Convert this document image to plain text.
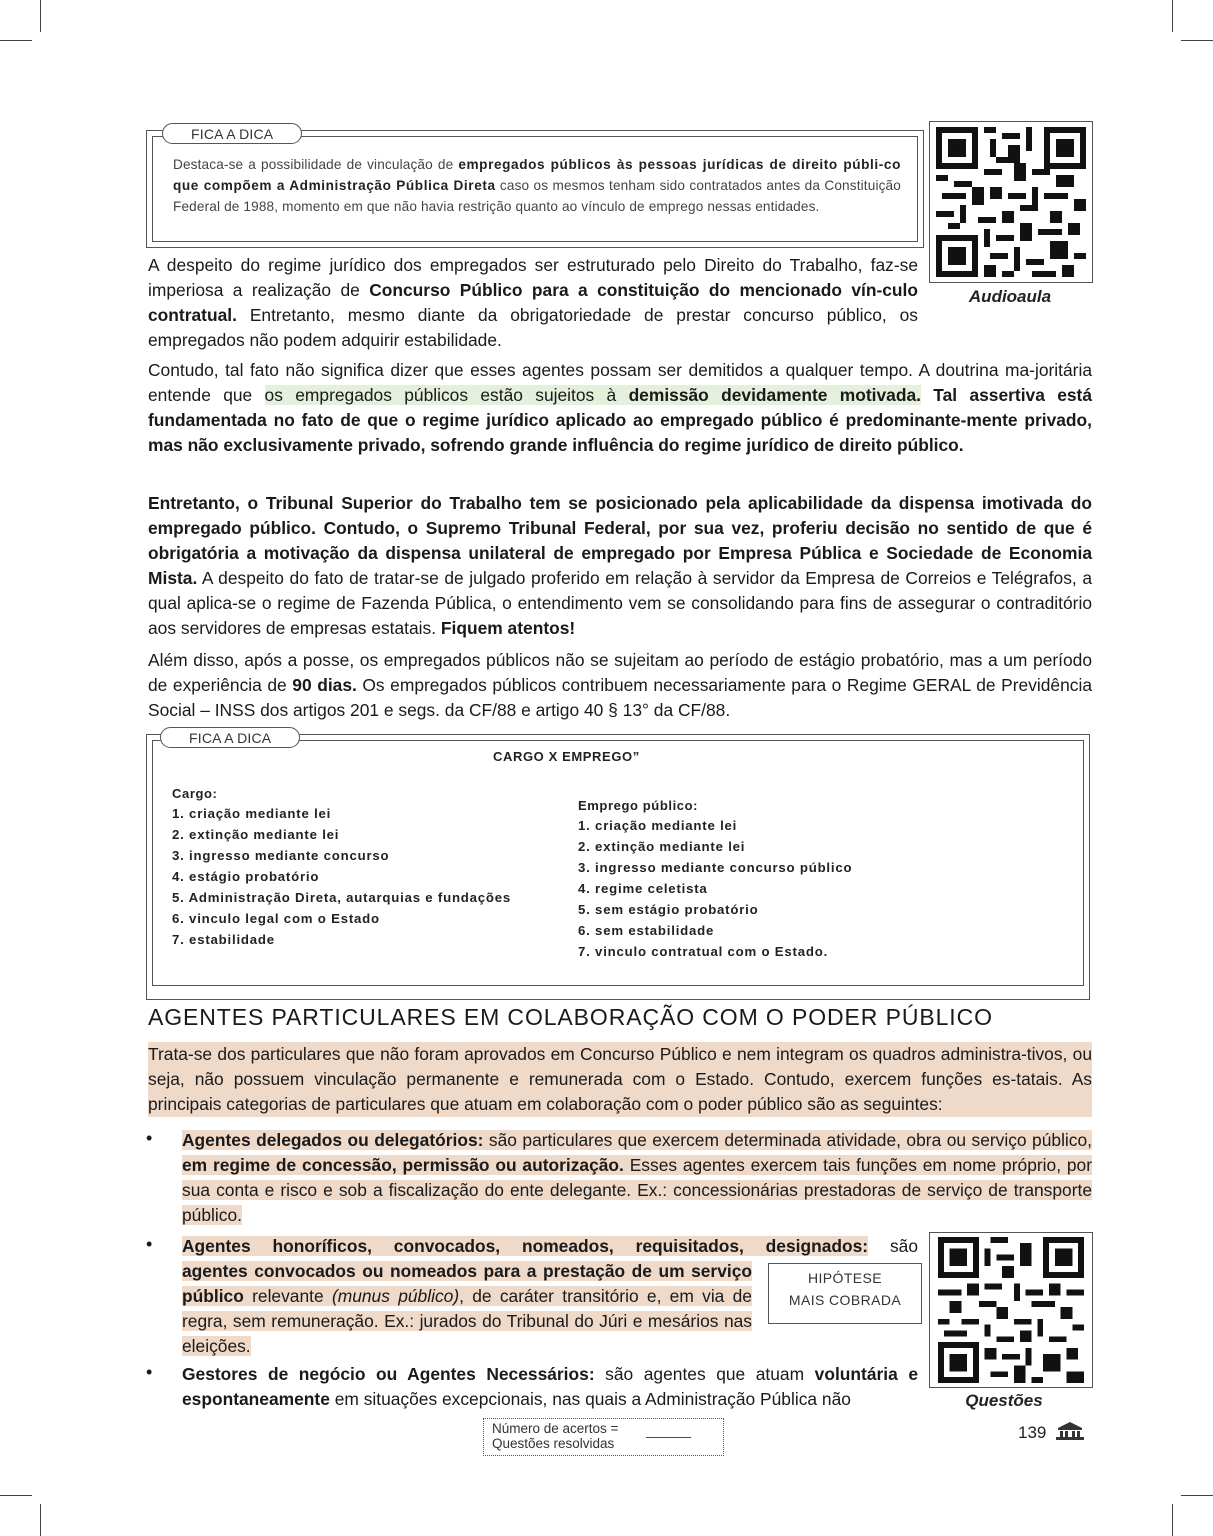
FICA A DICA
Destaca-se a possibilidade de vinculação de empregados públicos às pessoas jurídicas de direito públi-co que compõem a Administração Pública Direta caso os mesmos tenham sido contratados antes da Constituição Federal de 1988, momento em que não havia restrição quanto ao vínculo de emprego nessas entidades.
Audioaula

A despeito do regime jurídico dos empregados ser estruturado pelo Direito do Trabalho, faz-se imperiosa a realização de Concurso Público para a constituição do mencionado vín-culo contratual. Entretanto, mesmo diante da obrigatoriedade de prestar concurso público, os empregados não podem adquirir estabilidade.

Contudo, tal fato não significa dizer que esses agentes possam ser demitidos a qualquer tempo. A doutrina ma-joritária entende que os empregados públicos estão sujeitos à demissão devidamente motivada. Tal assertiva está fundamentada no fato de que o regime jurídico aplicado ao empregado público é predominante-mente privado, mas não exclusivamente privado, sofrendo grande influência do regime jurídico de direito público.

Entretanto, o Tribunal Superior do Trabalho tem se posicionado pela aplicabilidade da dispensa imotivada do empregado público. Contudo, o Supremo Tribunal Federal, por sua vez, proferiu decisão no sentido de que é obrigatória a motivação da dispensa unilateral de empregado por Empresa Pública e Sociedade de Economia Mista. A despeito do fato de tratar-se de julgado proferido em relação à servidor da Empresa de Correios e Telégrafos, a qual aplica-se o regime de Fazenda Pública, o entendimento vem se consolidando para fins de assegurar o contraditório aos servidores de empresas estatais. Fiquem atentos!

Além disso, após a posse, os empregados públicos não se sujeitam ao período de estágio probatório, mas a um período de experiência de 90 dias. Os empregados públicos contribuem necessariamente para o Regime GERAL de Previdência Social – INSS dos artigos 201 e segs. da CF/88 e artigo 40 § 13° da CF/88.

FICA A DICA
CARGO X EMPREGO”
Cargo:
1. criação mediante lei
2. extinção mediante lei
3. ingresso mediante concurso
4. estágio probatório
5. Administração Direta, autarquias e fundações
6. vinculo legal com o Estado
7. estabilidade
Emprego público:
1. criação mediante lei
2. extinção mediante lei
3. ingresso mediante concurso público
4. regime celetista
5. sem estágio probatório
6. sem estabilidade
7. vinculo contratual com o Estado.
AGENTES PARTICULARES EM COLABORAÇÃO COM O PODER PÚBLICO

Trata-se dos particulares que não foram aprovados em Concurso Público e nem integram os quadros administra-tivos, ou seja, não possuem vinculação permanente e remunerada com o Estado. Contudo, exercem funções es-tatais. As principais categorias de particulares que atuam em colaboração com o poder público são as seguintes:

• Agentes delegados ou delegatórios: são particulares que exercem determinada atividade, obra ou serviço público, em regime de concessão, permissão ou autorização. Esses agentes exercem tais funções em nome próprio, por sua conta e risco e sob a fiscalização do ente delegante. Ex.: concessionárias prestadoras de serviço de transporte público.

• Agentes honoríficos, convocados, nomeados, requisitados, designados: são

agentes convocados ou nomeados para a prestação de um serviço público relevante (munus público), de caráter transitório e, em via de regra, sem remuneração. Ex.: jurados do Tribunal do Júri e mesários nas eleições.

HIPÓTESE
MAIS COBRADA
Questões
• Gestores de negócio ou Agentes Necessários: são agentes que atuam voluntária e espontaneamente em situações excepcionais, nas quais a Administração Pública não

Número de acertos =
Questões resolvidas
______	139
